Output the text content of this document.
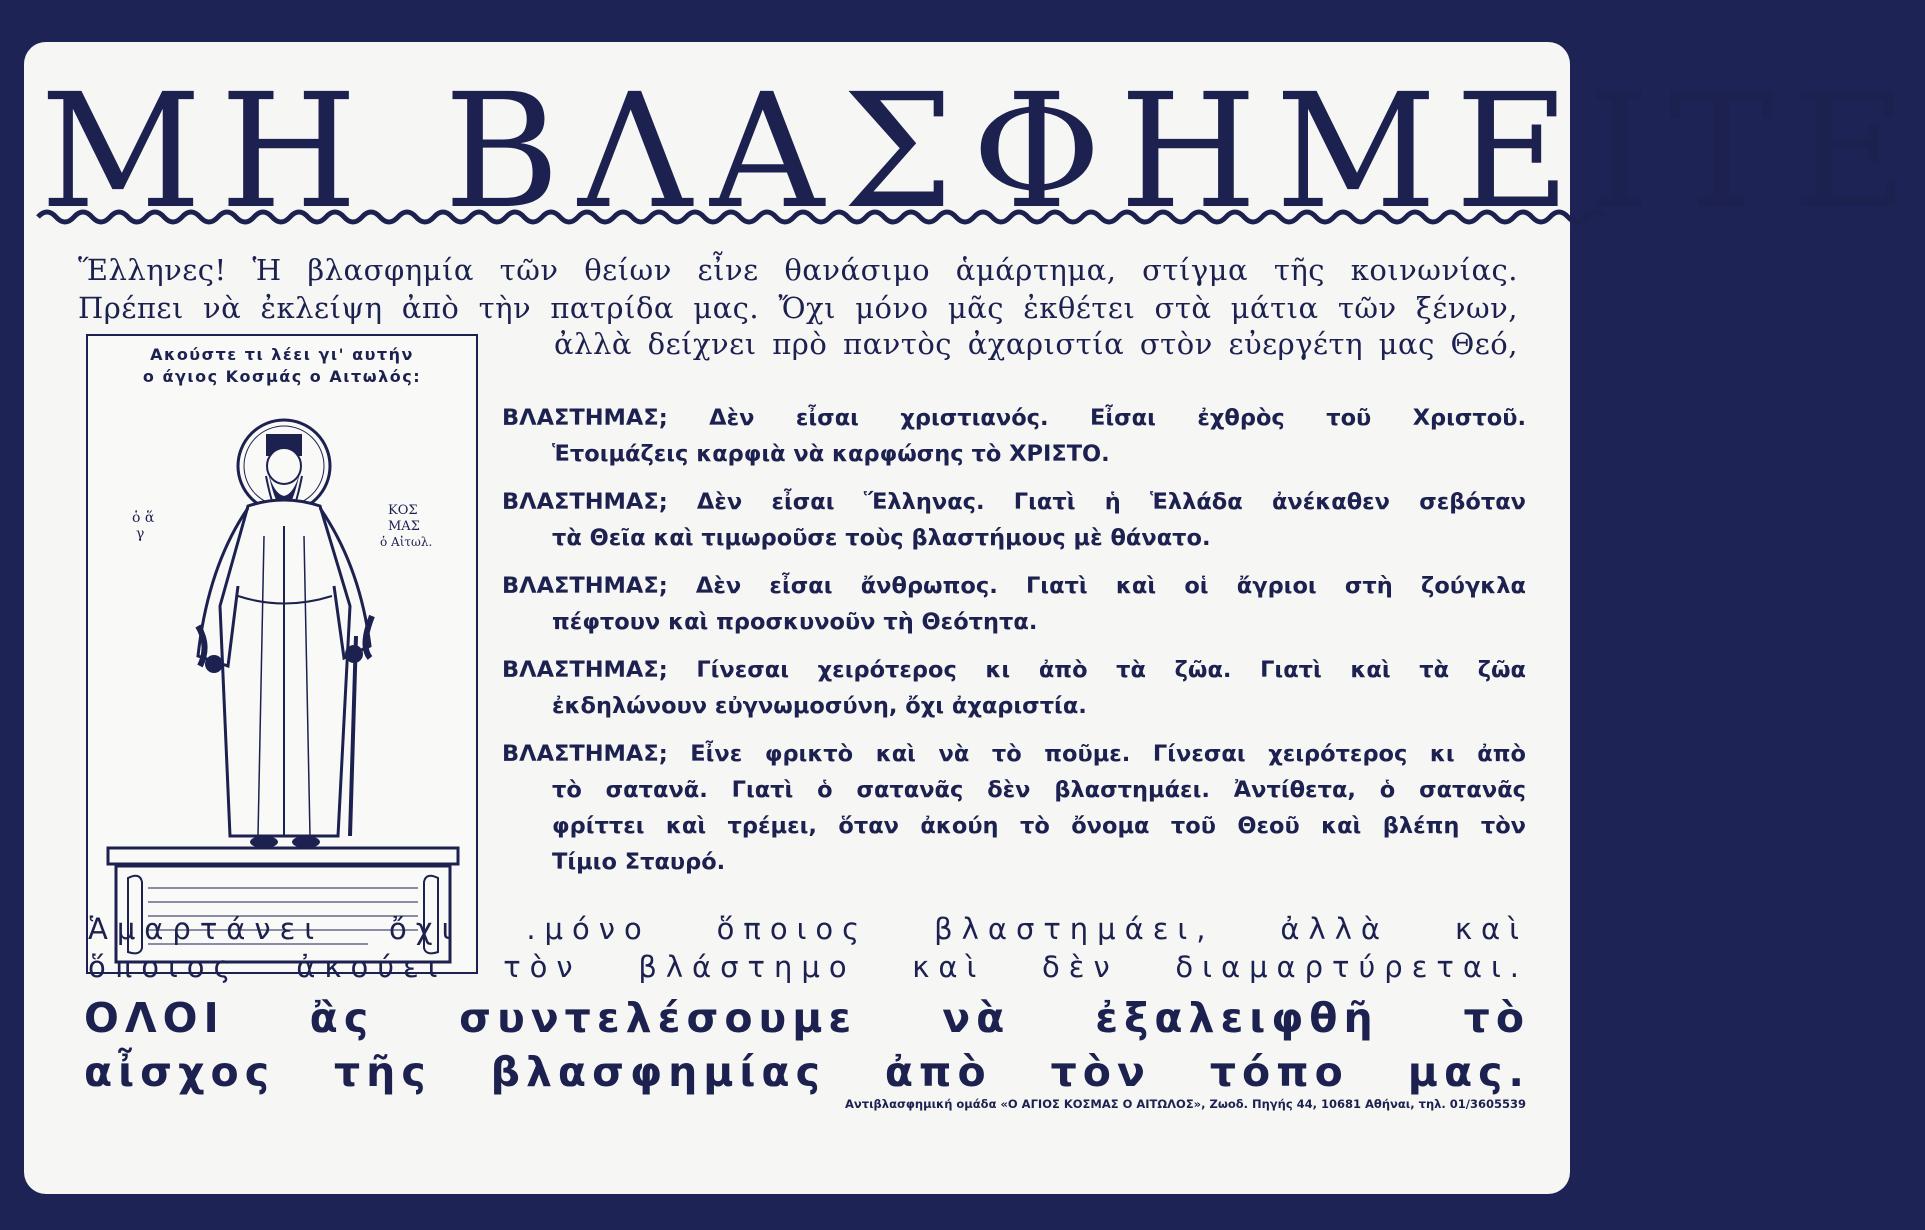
ΜΗ ΒΛΑΣΦΗΜΕΙΤΕ
Ἕλληνες! Ἡ βλασφημία τῶν θείων εἶνε θανάσιμο ἁμάρτημα, στίγμα τῆς κοινωνίας.
Πρέπει νὰ ἐκλείψη ἀπὸ τὴν πατρίδα μας. Ὄχι μόνο μᾶς ἐκθέτει στὰ μάτια τῶν ξένων,
ἀλλὰ δείχνει πρὸ παντὸς ἀχαριστία στὸν εὐεργέτη μας Θεό,
Ακούστε τι λέει γι' αυτήν
ο άγιος Κοσμάς ο Αιτωλός:
ὁ ἅ
γ
ΚΟΣ
ΜΑΣ
ὁ Αἰτωλ.
ΒΛΑΣΤΗΜΑΣ; Δὲν εἶσαι χριστιανός. Εἶσαι ἐχθρὸς τοῦ Χριστοῦ.
Ἑτοιμάζεις καρφιὰ νὰ καρφώσης τὸ ΧΡΙΣΤΟ.
ΒΛΑΣΤΗΜΑΣ; Δὲν εἶσαι Ἕλληνας. Γιατὶ ἡ Ἑλλάδα ἀνέκαθεν σεβόταν
τὰ Θεῖα καὶ τιμωροῦσε τοὺς βλαστήμους μὲ θάνατο.
ΒΛΑΣΤΗΜΑΣ; Δὲν εἶσαι ἄνθρωπος. Γιατὶ καὶ οἱ ἄγριοι στὴ ζούγκλα
πέφτουν καὶ προσκυνοῦν τὴ Θεότητα.
ΒΛΑΣΤΗΜΑΣ; Γίνεσαι χειρότερος κι ἀπὸ τὰ ζῶα. Γιατὶ καὶ τὰ ζῶα
ἐκδηλώνουν εὐγνωμοσύνη, ὄχι ἀχαριστία.
ΒΛΑΣΤΗΜΑΣ; Εἶνε φρικτὸ καὶ νὰ τὸ ποῦμε. Γίνεσαι χειρότερος κι ἀπὸ
τὸ σατανᾶ. Γιατὶ ὁ σατανᾶς δὲν βλαστημάει. Ἀντίθετα, ὁ σατανᾶς
φρίττει καὶ τρέμει, ὅταν ἀκούη τὸ ὄνομα τοῦ Θεοῦ καὶ βλέπη τὸν
Τίμιο Σταυρό.
Ἁμαρτάνει ὄχι .μόνο ὅποιος βλαστημάει, ἀλλὰ καὶ
ὅποιος ἀκούει τὸν βλάστημο καὶ δὲν διαμαρτύρεται.
ΟΛΟΙ ἂς συντελέσουμε νὰ ἐξαλειφθῆ τὸ
αἶσχος τῆς βλασφημίας ἀπὸ τὸν τόπο μας.
Αντιβλασφημική ομάδα «Ο ΑΓΙΟΣ ΚΟΣΜΑΣ Ο ΑΙΤΩΛΟΣ», Ζωοδ. Πηγής 44, 10681 Αθήναι, τηλ. 01/3605539
